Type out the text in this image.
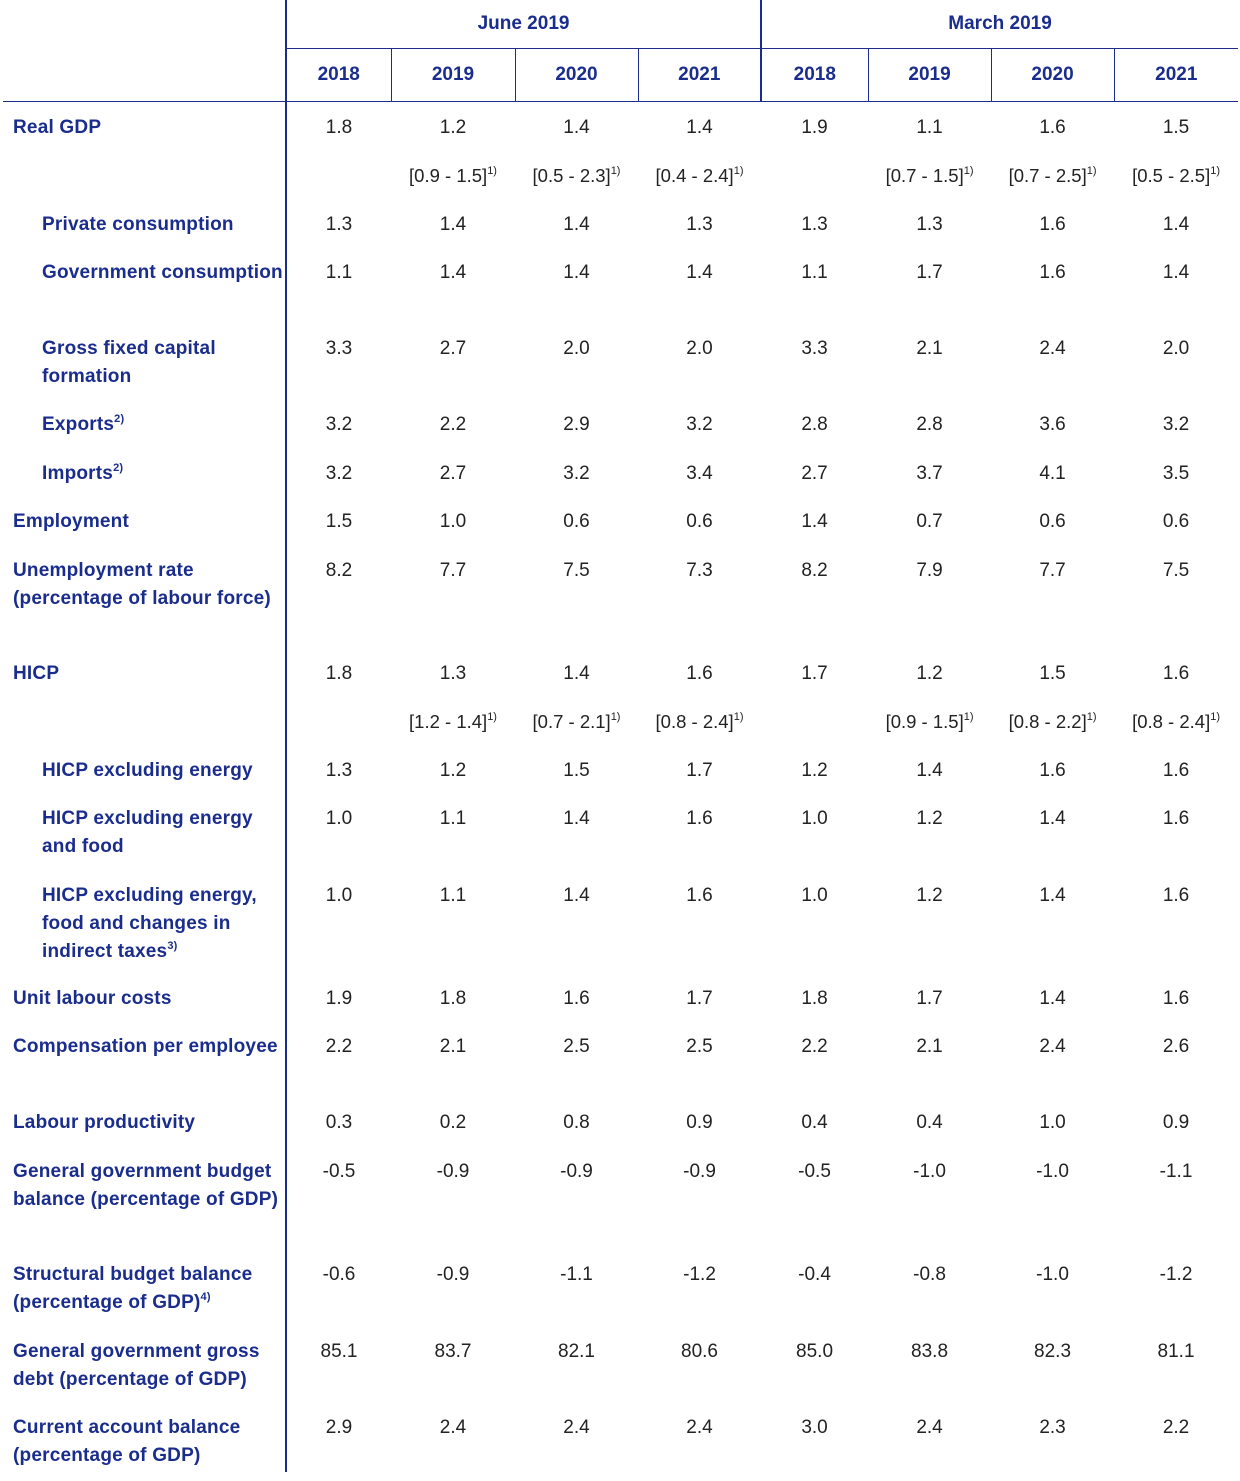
	June 2019				March 2019			
	2018	2019	2020	2021	2018	2019	2020	2021
Real GDP	1.8	1.2	1.4	1.4	1.9	1.1	1.6	1.5
		[0.9 - 1.5]$^{1)}$	[0.5 - 2.3]$^{1)}$	[0.4 - 2.4]$^{1)}$		[0.7 - 1.5]$^{1)}$	[0.7 - 2.5]$^{1)}$	[0.5 - 2.5]$^{1)}$
Private consumption	1.3	1.4	1.4	1.3	1.3	1.3	1.6	1.4
Government consumption	1.1	1.4	1.4	1.4	1.1	1.7	1.6	1.4
Gross fixed capital formation	3.3	2.7	2.0	2.0	3.3	2.1	2.4	2.0
Exports$^{2)}$	3.2	2.2	2.9	3.2	2.8	2.8	3.6	3.2
Imports$^{2)}$	3.2	2.7	3.2	3.4	2.7	3.7	4.1	3.5
Employment	1.5	1.0	0.6	0.6	1.4	0.7	0.6	0.6
Unemployment rate (percentage of labour force)	8.2	7.7	7.5	7.3	8.2	7.9	7.7	7.5
HICP	1.8	1.3	1.4	1.6	1.7	1.2	1.5	1.6
		[1.2 - 1.4]$^{1)}$	[0.7 - 2.1]$^{1)}$	[0.8 - 2.4]$^{1)}$		[0.9 - 1.5]$^{1)}$	[0.8 - 2.2]$^{1)}$	[0.8 - 2.4]$^{1)}$
HICP excluding energy	1.3	1.2	1.5	1.7	1.2	1.4	1.6	1.6
HICP excluding energy and food	1.0	1.1	1.4	1.6	1.0	1.2	1.4	1.6
HICP excluding energy, food and changes in indirect taxes$^{3)}$	1.0	1.1	1.4	1.6	1.0	1.2	1.4	1.6
Unit labour costs	1.9	1.8	1.6	1.7	1.8	1.7	1.4	1.6
Compensation per employee	2.2	2.1	2.5	2.5	2.2	2.1	2.4	2.6
Labour productivity	0.3	0.2	0.8	0.9	0.4	0.4	1.0	0.9
General government budget balance (percentage of GDP)	-0.5	-0.9	-0.9	-0.9	-0.5	-1.0	-1.0	-1.1
Structural budget balance (percentage of GDP)$^{4)}$	-0.6	-0.9	-1.1	-1.2	-0.4	-0.8	-1.0	-1.2
General government gross debt (percentage of GDP)	85.1	83.7	82.1	80.6	85.0	83.8	82.3	81.1
Current account balance (percentage of GDP)	2.9	2.4	2.4	2.4	3.0	2.4	2.3	2.2
